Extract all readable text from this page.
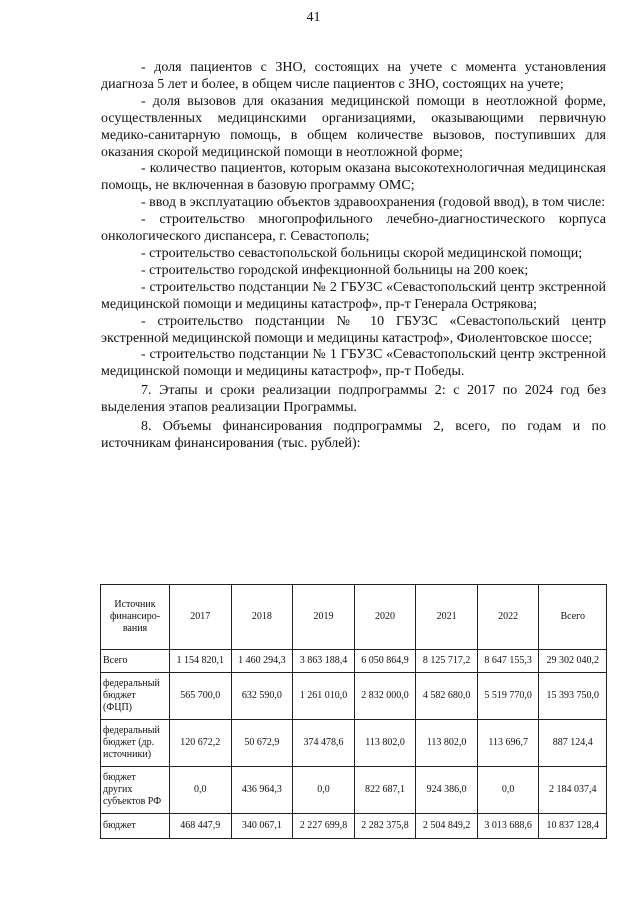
41

- доля пациентов с ЗНО, состоящих на учете с момента установления диагноза 5 лет и более, в общем числе пациентов с ЗНО, состоящих на учете;

- доля вызовов для оказания медицинской помощи в неотложной форме, осуществленных медицинскими организациями, оказывающими первичную медико-санитарную помощь, в общем количестве вызовов, поступивших для оказания скорой медицинской помощи в неотложной форме;

- количество пациентов, которым оказана высокотехнологичная медицинская помощь, не включенная в базовую программу ОМС;

- ввод в эксплуатацию объектов здравоохранения (годовой ввод), в том числе:

- строительство многопрофильного лечебно-диагностического корпуса онкологического диспансера, г. Севастополь;

- строительство севастопольской больницы скорой медицинской помощи;

- строительство городской инфекционной больницы на 200 коек;

- строительство подстанции № 2 ГБУЗС «Севастопольский центр экстренной медицинской помощи и медицины катастроф», пр-т Генерала Острякова;

- строительство подстанции № 10 ГБУЗС «Севастопольский центр экстренной медицинской помощи и медицины катастроф», Фиолентовское шоссе;

- строительство подстанции № 1 ГБУЗС «Севастопольский центр экстренной медицинской помощи и медицины катастроф», пр-т Победы.

7. Этапы и сроки реализации подпрограммы 2: с 2017 по 2024 год без выделения этапов реализации Программы.

8. Объемы финансирования подпрограммы 2, всего, по годам и по источникам финансирования (тыс. рублей):

Источник финансиро-вания	2017	2018	2019	2020	2021	2022	Всего
Всего	1 154 820,1	1 460 294,3	3 863 188,4	6 050 864,9	8 125 717,2	8 647 155,3	29 302 040,2
федеральный бюджет (ФЦП)	565 700,0	632 590,0	1 261 010,0	2 832 000,0	4 582 680,0	5 519 770,0	15 393 750,0
федеральный бюджет (др. источники)	120 672,2	50 672,9	374 478,6	113 802,0	113 802,0	113 696,7	887 124,4
бюджет других субъектов РФ	0,0	436 964,3	0,0	822 687,1	924 386,0	0,0	2 184 037,4
бюджет	468 447,9	340 067,1	2 227 699,8	2 282 375,8	2 504 849,2	3 013 688,6	10 837 128,4
